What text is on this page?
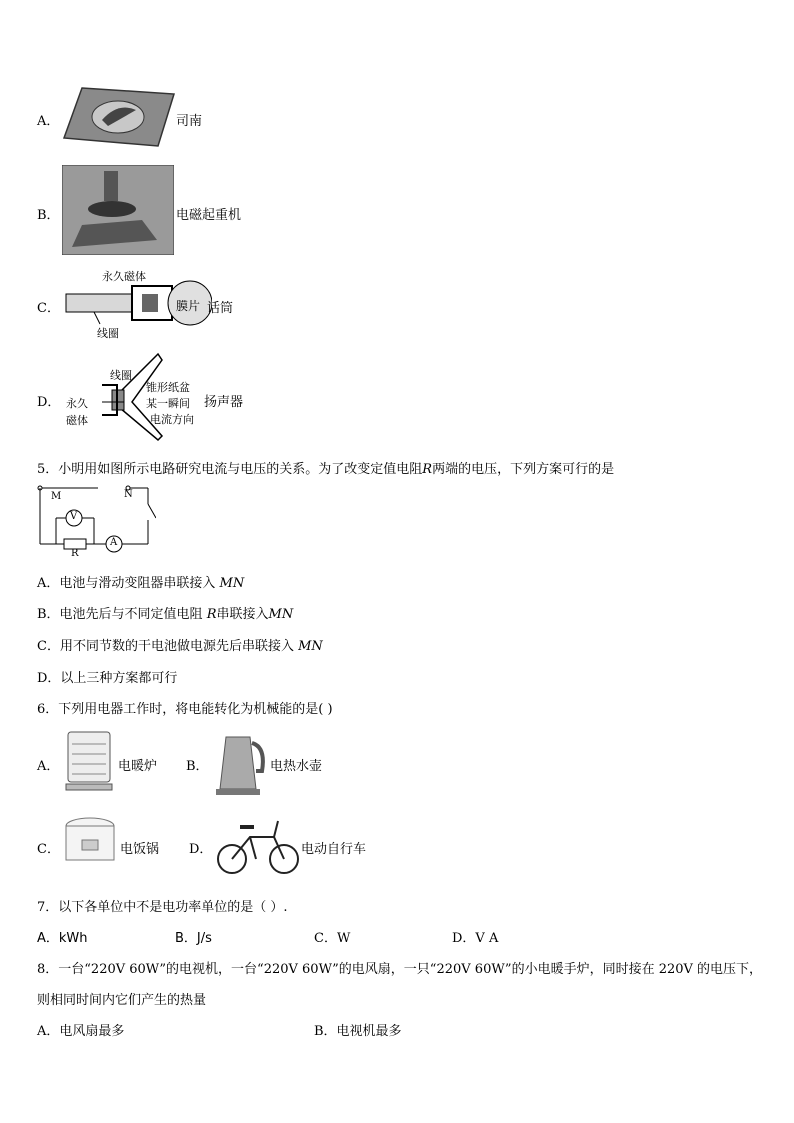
A．	司南
B．	电磁起重机
C．
永久磁体
膜片
线圈
话筒
D．
线圈
锥形纸盆
某一瞬间
电流方向
永久
磁体
扬声器
5．小明用如图所示电路研究电流与电压的关系。为了改变定值电阻R两端的电压，下列方案可行的是
M	N
V
A
R
A．电池与滑动变阻器串联接入 MN
B．电池先后与不同定值电阻 R串联接入MN
C．用不同节数的干电池做电源先后串联接入 MN
D．以上三种方案都可行
6．下列用电器工作时，将电能转化为机械能的是( )
A．	电暖炉 B．	电热水壶
C．	电饭锅 D．	电动自行车
7．以下各单位中不是电功率单位的是（ ）.
A．kWh	B．J/s	C．W	D．V A
8．一台“220V 60W”的电视机，一台“220V 60W”的电风扇，一只“220V 60W”的小电暖手炉，同时接在 220V 的电压下，
则相同时间内它们产生的热量
A．电风扇最多	B．电视机最多
